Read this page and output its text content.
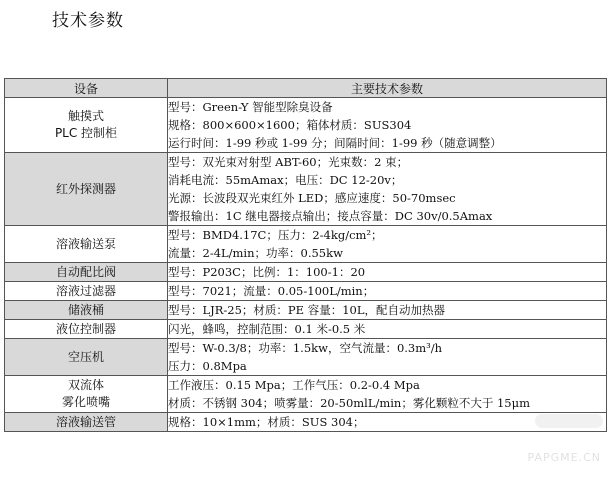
技术参数
设备	主要技术参数

触摸式
PLC 控制柜	型号：Green-Y 智能型除臭设备
规格：800×600×1600；箱体材质：SUS304
运行时间：1-99 秒或 1-99 分；间隔时间：1-99 秒（随意调整）

红外探测器	型号：双光束对射型 ABT-60；光束数：2 束；
消耗电流：55mAmax；电压：DC 12-20v；
光源：长波段双光束红外 LED；感应速度：50-70msec
警报输出：1C 继电器接点输出；接点容量：DC 30v/0.5Amax

溶液输送泵	型号：BMD4.17C；压力：2-4kg/cm²；
流量：2-4L/min；功率：0.55kw

自动配比阀	型号：P203C；比例：1：100-1：20

溶液过滤器	型号：7021；流量：0.05-100L/min；

储液桶	型号：LJR-25；材质：PE 容量：10L，配自动加热器

液位控制器	闪光，蜂鸣，控制范围：0.1 米-0.5 米

空压机	型号：W-0.3/8；功率：1.5kw，空气流量：0.3m³/h
压力：0.8Mpa

双流体
雾化喷嘴	工作液压：0.15 Mpa；工作气压：0.2-0.4 Mpa
材质：不锈钢 304；喷雾量：20-50mlL/min；雾化颗粒不大于 15μm

溶液输送管	规格：10×1mm；材质：SUS 304；
PAPGME.CN
